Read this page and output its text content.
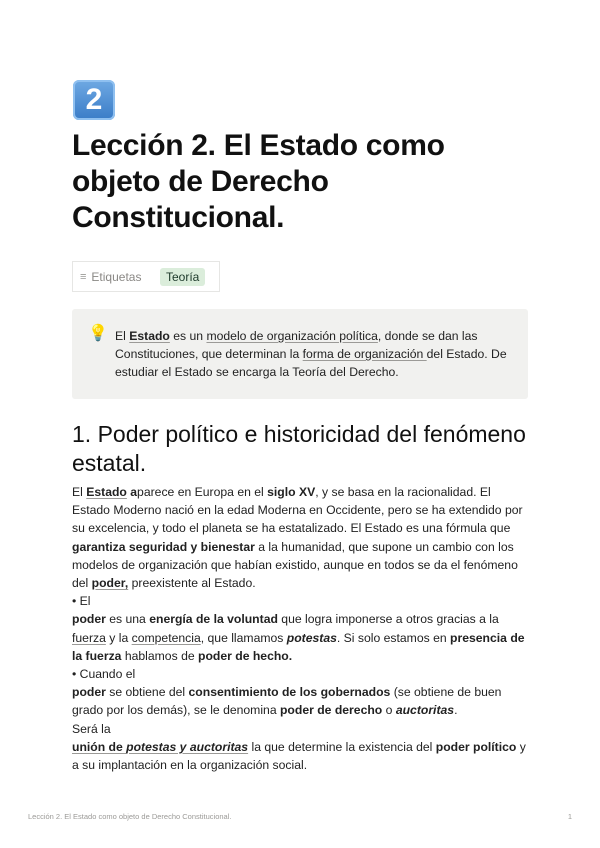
2
Lección 2. El Estado como objeto de Derecho Constitucional.
≡ Etiquetas	Teoría
💡 El Estado es un modelo de organización política, donde se dan las Constituciones, que determinan la forma de organización del Estado. De estudiar el Estado se encarga la Teoría del Derecho.
1. Poder político e historicidad del fenómeno estatal.

El Estado aparece en Europa en el siglo XV, y se basa en la racionalidad. El Estado Moderno nació en la edad Moderna en Occidente, pero se ha extendido por su excelencia, y todo el planeta se ha estatalizado. El Estado es una fórmula que garantiza seguridad y bienestar a la humanidad, que supone un cambio con los modelos de organización que habían existido, aunque en todos se da el fenómeno del poder, preexistente al Estado.

• El

poder es una energía de la voluntad que logra imponerse a otros gracias a la fuerza y la competencia, que llamamos potestas. Si solo estamos en presencia de la fuerza hablamos de poder de hecho.

• Cuando el

poder se obtiene del consentimiento de los gobernados (se obtiene de buen grado por los demás), se le denomina poder de derecho o auctoritas.

Será la

unión de potestas y auctoritas la que determine la existencia del poder político y a su implantación en la organización social.

Lección 2. El Estado como objeto de Derecho Constitucional.	1
